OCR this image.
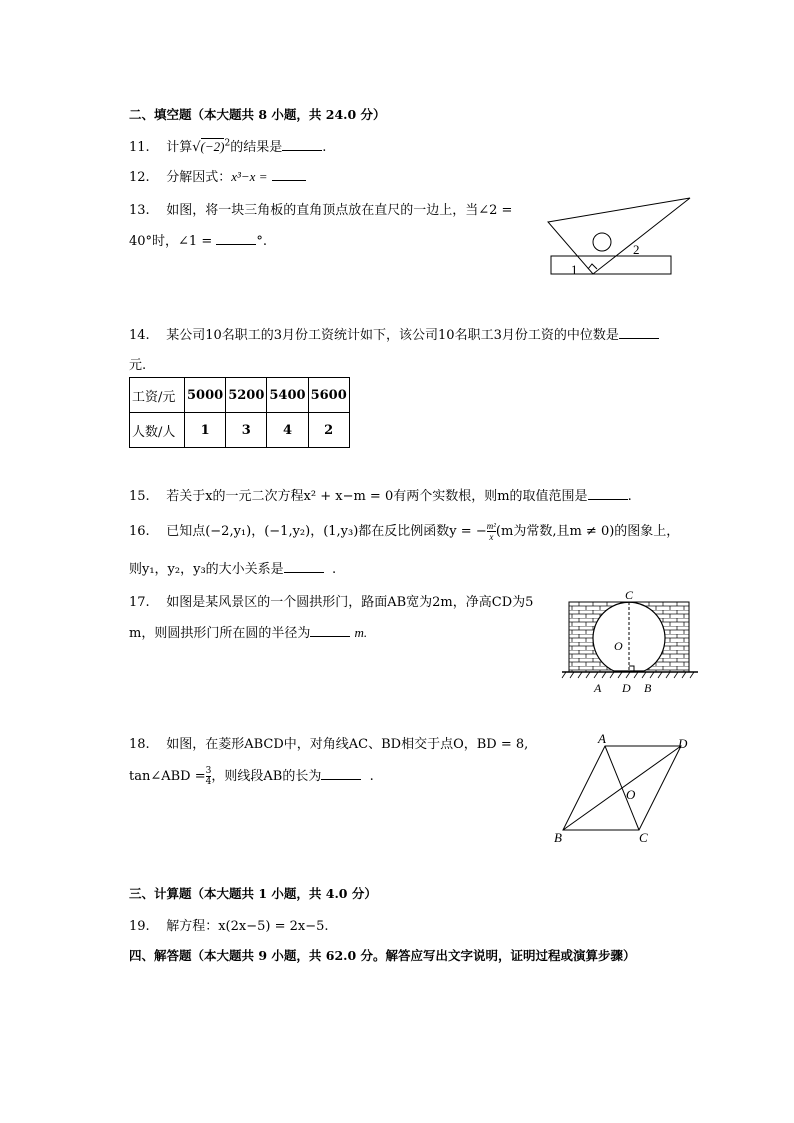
二、填空题（本大题共 8 小题，共 24.0 分）
11. 计算$√(-2)^2$的结果是	.
12. 分解因式：x³−x =
13. 如图，将一块三角板的直角顶点放在直尺的一边上，当∠2 =
40°时，∠1 =	°.
1
2
14. 某公司10名职工的3月份工资统计如下，该公司10名职工3月份工资的中位数是
元.
工资/元	5000	5200	5400	5600
人数/人	1	3	4	2
15. 若关于x的一元二次方程x² + x−m = 0有两个实数根，则m的取值范围是	.
16. 已知点(−2,y₁)，(−1,y₂)，(1,y₃)都在反比例函数y = − $\frac{\text{m²}}{x} (m$为常数,且m ≠ 0)的图象上，
则y₁，y₂，y₃的大小关系是	.
17. 如图是某风景区的一个圆拱形门，路面AB宽为2m，净高CD为5
m，则圆拱形门所在圆的半径为	m.
C
O
A D B
18. 如图，在菱形ABCD中，对角线AC、BD相交于点O，BD = 8,
tan∠ABD = $\frac{3}{4}$ ，则线段AB的长为	.
A	D
O
B	C
三、计算题（本大题共 1 小题，共 4.0 分）
19. 解方程：x(2x−5) = 2x−5.
四、解答题（本大题共 9 小题，共 62.0 分。解答应写出文字说明，证明过程或演算步骤）
